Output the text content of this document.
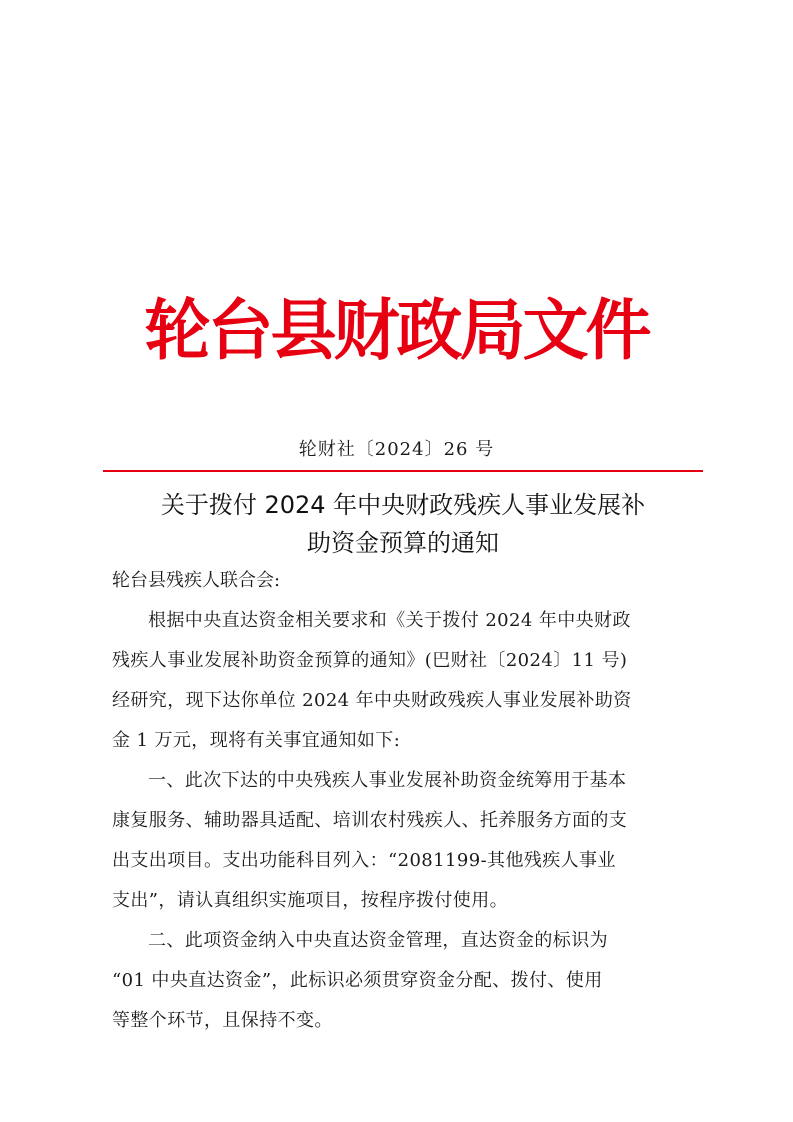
轮台县财政局文件
轮财社〔2024〕26 号
关于拨付 2024 年中央财政残疾人事业发展补
助资金预算的通知
轮台县残疾人联合会:
根据中央直达资金相关要求和《关于拨付 2024 年中央财政
残疾人事业发展补助资金预算的通知》(巴财社〔2024〕11 号)
经研究，现下达你单位 2024 年中央财政残疾人事业发展补助资
金 1 万元，现将有关事宜通知如下:
一、此次下达的中央残疾人事业发展补助资金统筹用于基本
康复服务、辅助器具适配、培训农村残疾人、托养服务方面的支
出支出项目。支出功能科目列入：“2081199-其他残疾人事业
支出”，请认真组织实施项目，按程序拨付使用。
二、此项资金纳入中央直达资金管理，直达资金的标识为
“01 中央直达资金”，此标识必须贯穿资金分配、拨付、使用
等整个环节，且保持不变。
